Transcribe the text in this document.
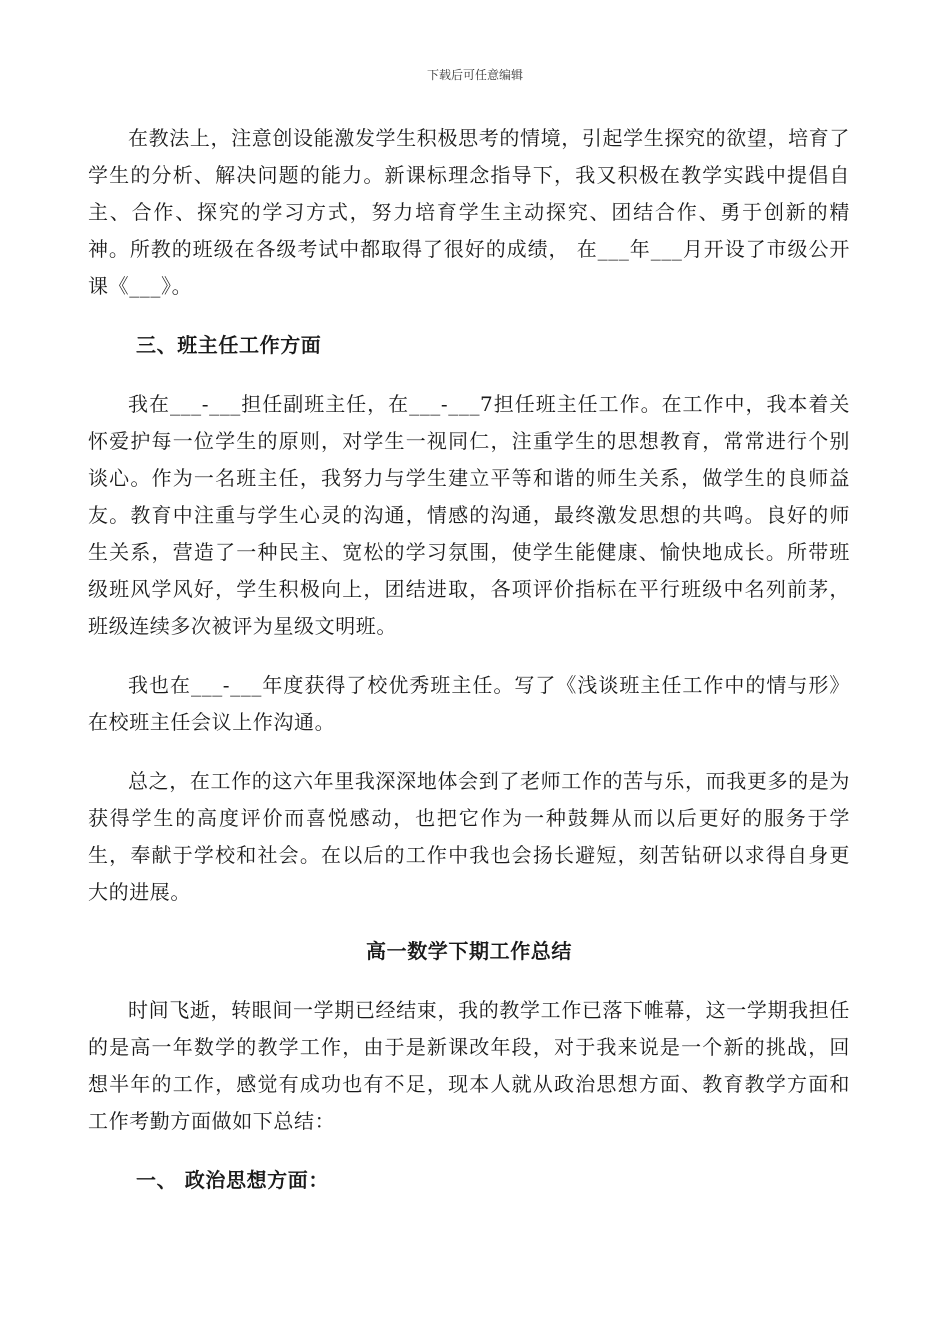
下载后可任意编辑

在教法上，注意创设能激发学生积极思考的情境，引起学生探究的欲望，培育了学生的分析、解决问题的能力。新课标理念指导下，我又积极在教学实践中提倡自主、合作、探究的学习方式，努力培育学生主动探究、团结合作、勇于创新的精神。所教的班级在各级考试中都取得了很好的成绩， 在___年___月开设了市级公开课《___》。

三、班主任工作方面

我在___-___担任副班主任，在___-___7担任班主任工作。在工作中，我本着关怀爱护每一位学生的原则，对学生一视同仁，注重学生的思想教育，常常进行个别谈心。作为一名班主任，我努力与学生建立平等和谐的师生关系，做学生的良师益友。教育中注重与学生心灵的沟通，情感的沟通，最终激发思想的共鸣。良好的师生关系，营造了一种民主、宽松的学习氛围，使学生能健康、愉快地成长。所带班级班风学风好，学生积极向上，团结进取，各项评价指标在平行班级中名列前茅，班级连续多次被评为星级文明班。

我也在___-___年度获得了校优秀班主任。写了《浅谈班主任工作中的情与形》在校班主任会议上作沟通。

总之，在工作的这六年里我深深地体会到了老师工作的苦与乐，而我更多的是为获得学生的高度评价而喜悦感动，也把它作为一种鼓舞从而以后更好的服务于学生，奉献于学校和社会。在以后的工作中我也会扬长避短，刻苦钻研以求得自身更大的进展。

高一数学下期工作总结

时间飞逝，转眼间一学期已经结束，我的教学工作已落下帷幕，这一学期我担任的是高一年数学的教学工作，由于是新课改年段，对于我来说是一个新的挑战，回想半年的工作，感觉有成功也有不足，现本人就从政治思想方面、教育教学方面和工作考勤方面做如下总结：

一、 政治思想方面：
